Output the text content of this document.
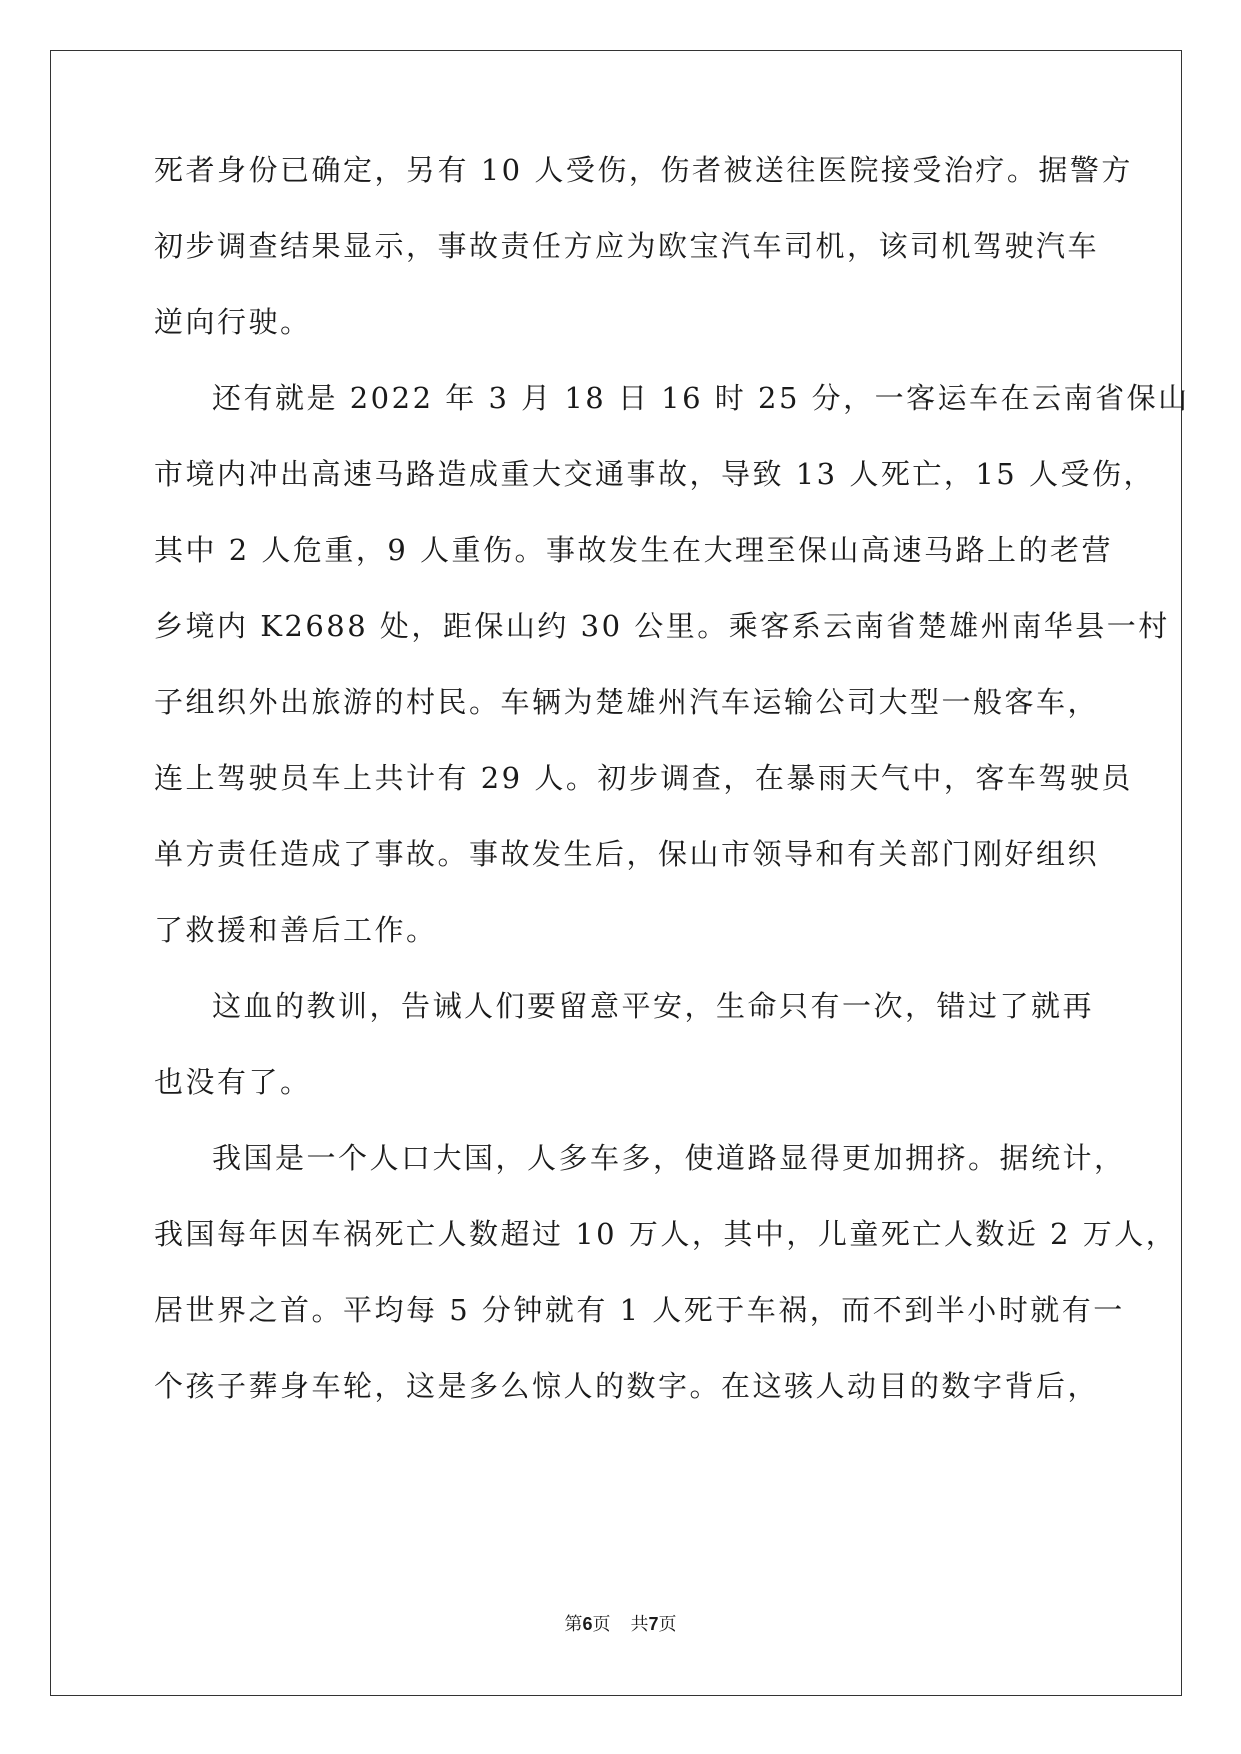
死者身份已确定，另有 10 人受伤，伤者被送往医院接受治疗。据警方
初步调查结果显示，事故责任方应为欧宝汽车司机，该司机驾驶汽车
逆向行驶。
还有就是 2022 年 3 月 18 日 16 时 25 分，一客运车在云南省保山
市境内冲出高速马路造成重大交通事故，导致 13 人死亡，15 人受伤，
其中 2 人危重，9 人重伤。事故发生在大理至保山高速马路上的老营
乡境内 K2688 处，距保山约 30 公里。乘客系云南省楚雄州南华县一村
子组织外出旅游的村民。车辆为楚雄州汽车运输公司大型一般客车，
连上驾驶员车上共计有 29 人。初步调查，在暴雨天气中，客车驾驶员
单方责任造成了事故。事故发生后，保山市领导和有关部门刚好组织
了救援和善后工作。
这血的教训，告诫人们要留意平安，生命只有一次，错过了就再
也没有了。
我国是一个人口大国，人多车多，使道路显得更加拥挤。据统计，
我国每年因车祸死亡人数超过 10 万人，其中，儿童死亡人数近 2 万人，
居世界之首。平均每 5 分钟就有 1 人死于车祸，而不到半小时就有一
个孩子葬身车轮，这是多么惊人的数字。在这骇人动目的数字背后，
第6页 共7页
